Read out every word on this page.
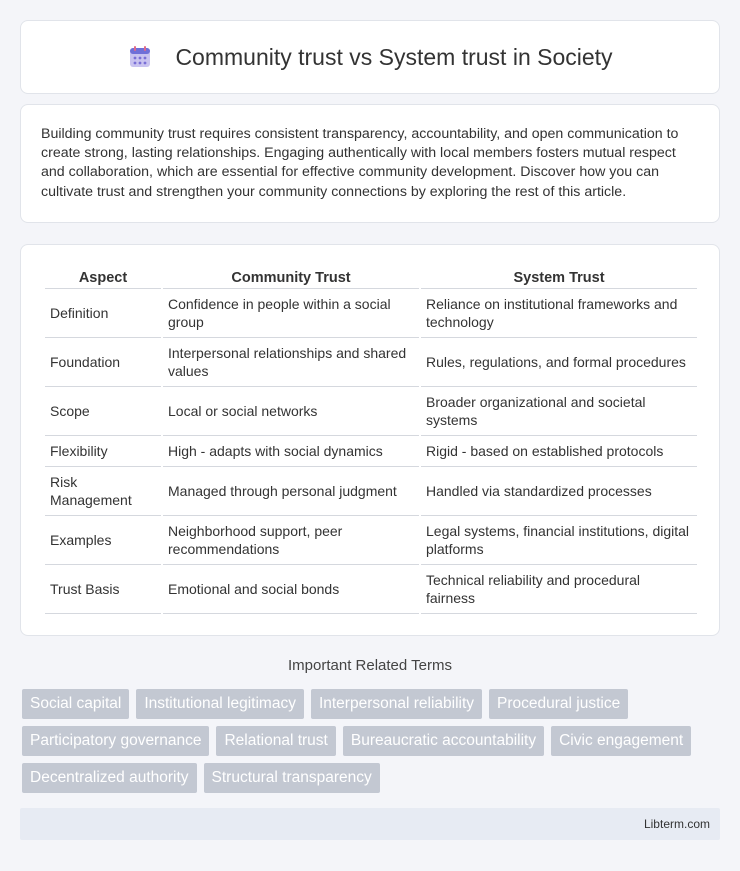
Community trust vs System trust in Society

Building community trust requires consistent transparency, accountability, and open communication to create strong, lasting relationships. Engaging authentically with local members fosters mutual respect and collaboration, which are essential for effective community development. Discover how you can cultivate trust and strengthen your community connections by exploring the rest of this article.

Aspect	Community Trust	System Trust
Definition	Confidence in people within a social group	Reliance on institutional frameworks and technology
Foundation	Interpersonal relationships and shared values	Rules, regulations, and formal procedures
Scope	Local or social networks	Broader organizational and societal systems
Flexibility	High - adapts with social dynamics	Rigid - based on established protocols
Risk Management	Managed through personal judgment	Handled via standardized processes
Examples	Neighborhood support, peer recommendations	Legal systems, financial institutions, digital platforms
Trust Basis	Emotional and social bonds	Technical reliability and procedural fairness
Important Related Terms
Social capital	Institutional legitimacy	Interpersonal reliability	Procedural justice
Participatory governance	Relational trust	Bureaucratic accountability	Civic engagement
Decentralized authority	Structural transparency
Libterm.com
